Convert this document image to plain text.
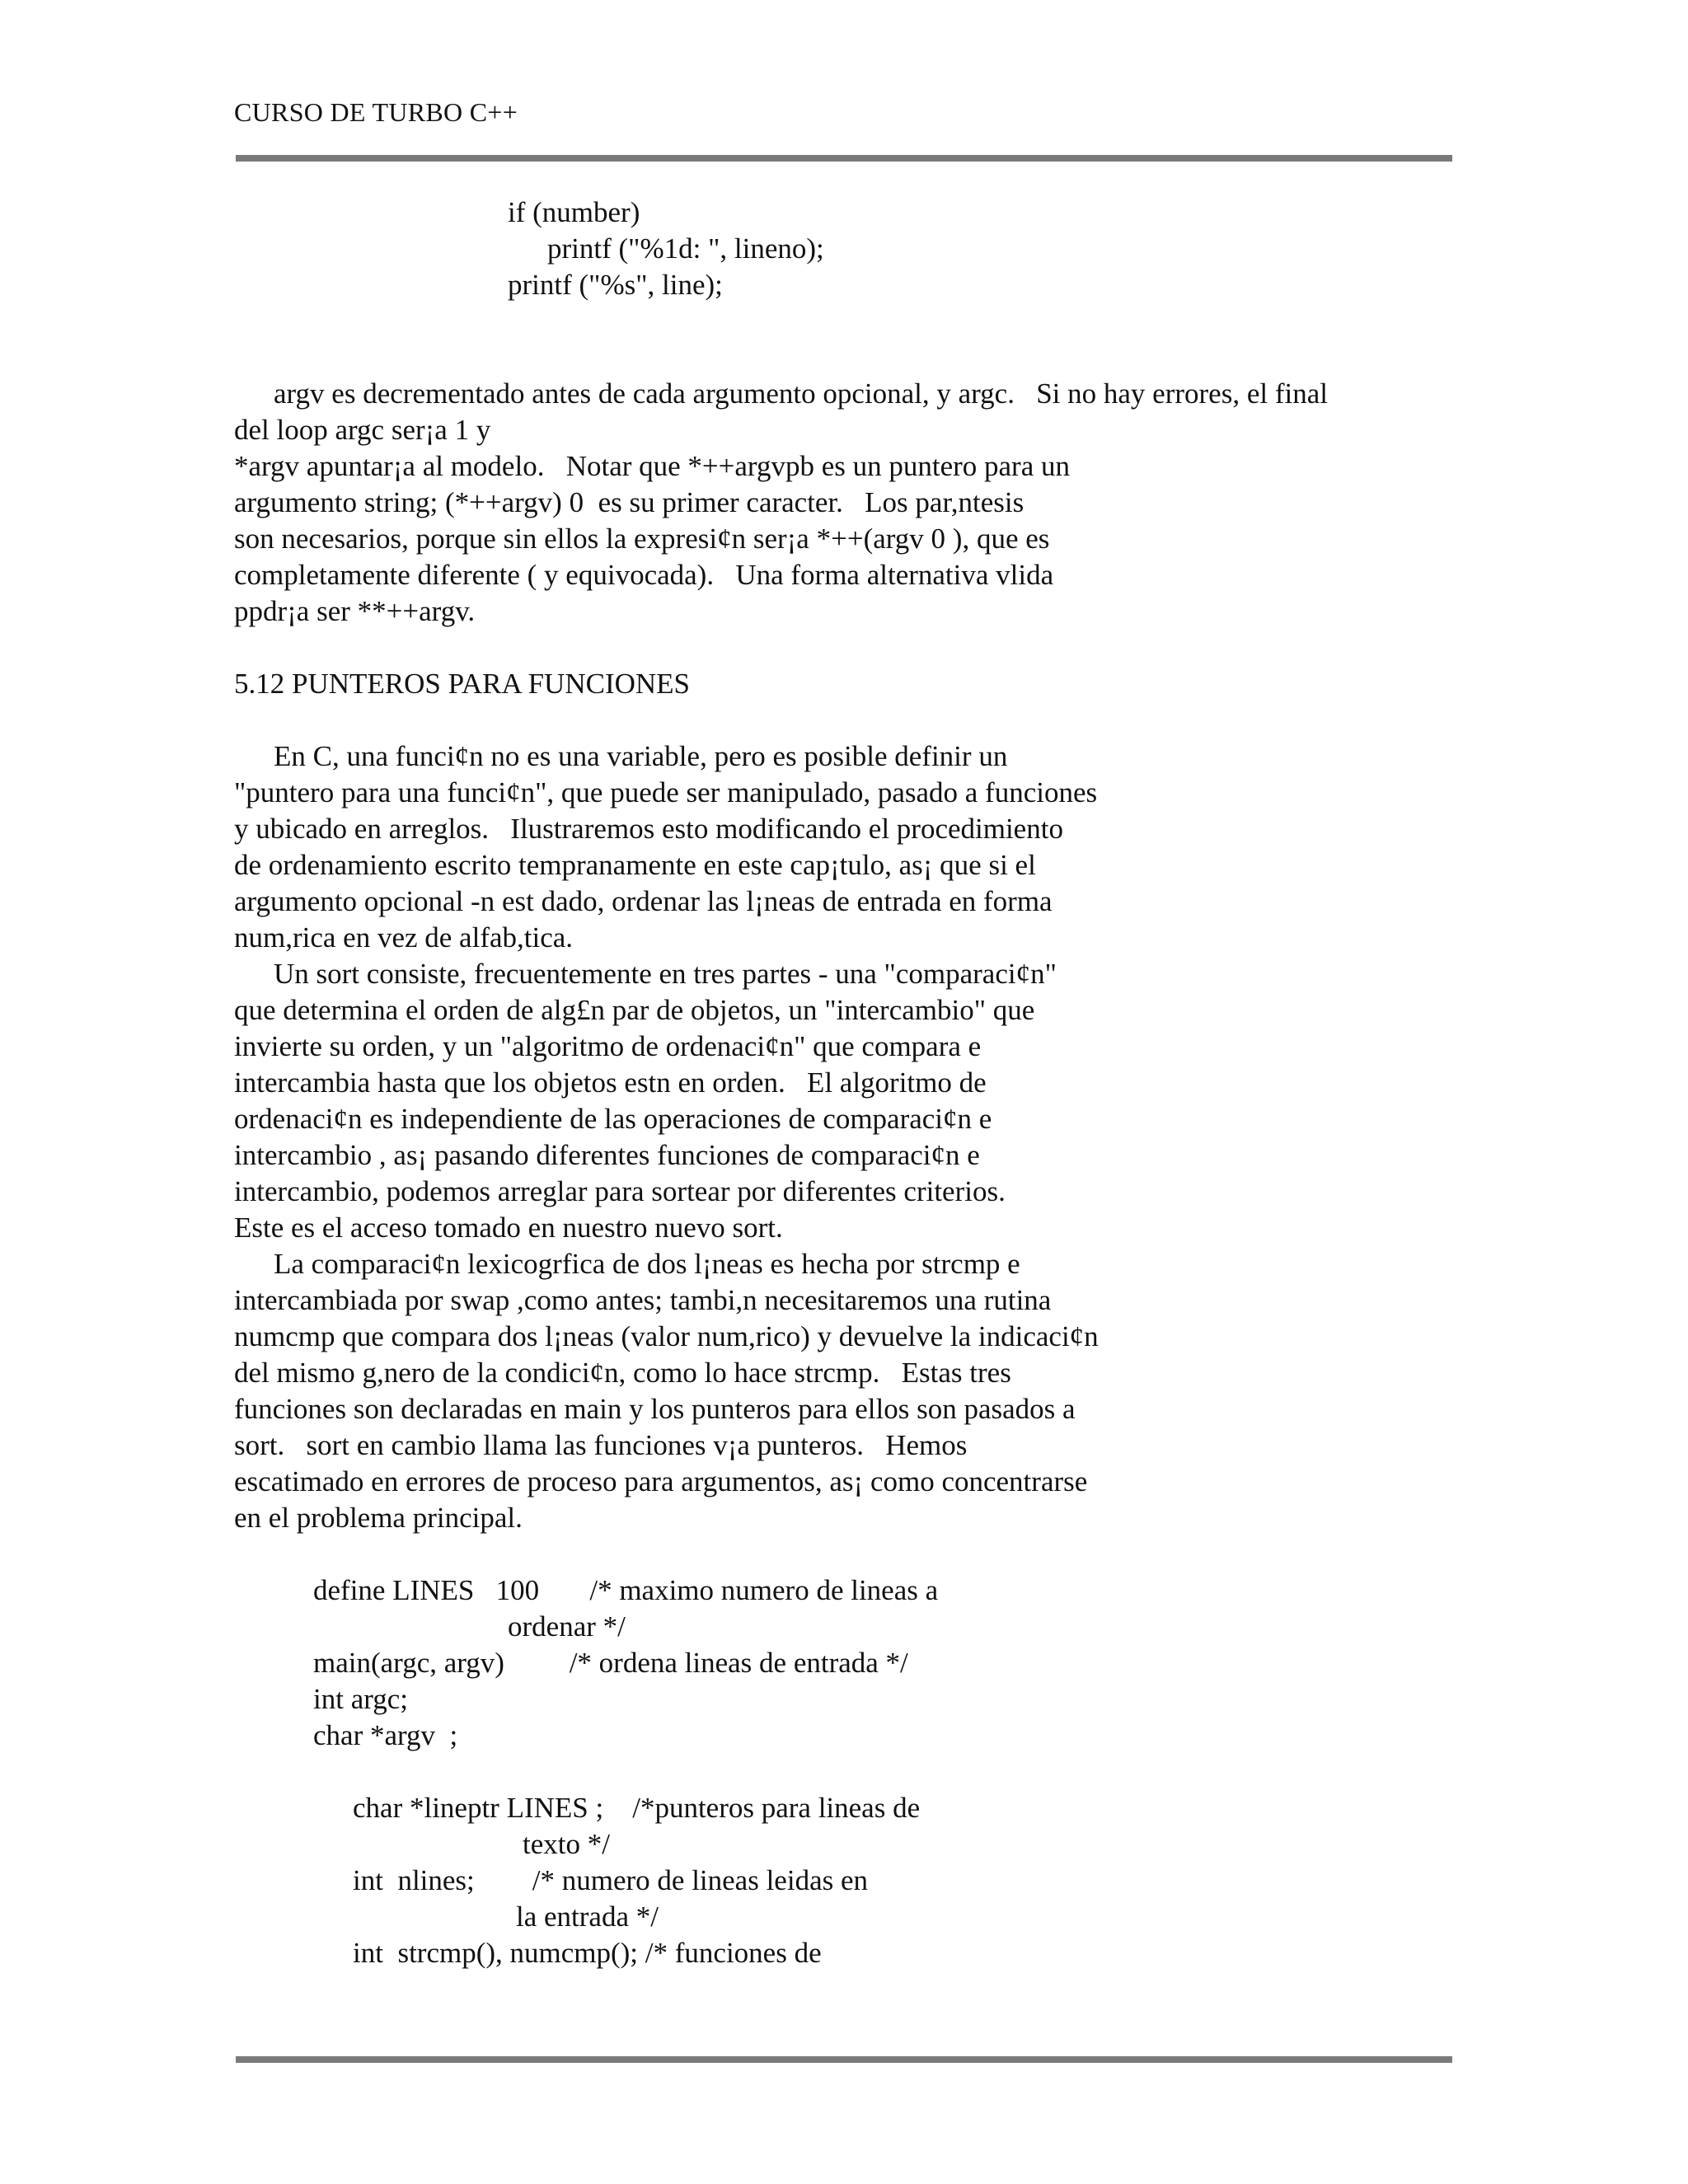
CURSO DE TURBO C++
if (number)
printf ("%1d: ", lineno);
printf ("%s", line);
argv es decrementado antes de cada argumento opcional, y argc.   Si no hay errores, el final
del loop argc ser¡a 1 y
*argv apuntar¡a al modelo.   Notar que *++argvpb es un puntero para un
argumento string; (*++argv) 0  es su primer caracter.   Los par,ntesis
son necesarios, porque sin ellos la expresi¢n ser¡a *++(argv 0 ), que es
completamente diferente ( y equivocada).   Una forma alternativa vlida
ppdr¡a ser **++argv.
5.12 PUNTEROS PARA FUNCIONES
En C, una funci¢n no es una variable, pero es posible definir un
"puntero para una funci¢n", que puede ser manipulado, pasado a funciones
y ubicado en arreglos.   Ilustraremos esto modificando el procedimiento
de ordenamiento escrito tempranamente en este cap¡tulo, as¡ que si el
argumento opcional -n est dado, ordenar las l¡neas de entrada en forma
num,rica en vez de alfab,tica.
Un sort consiste, frecuentemente en tres partes - una "comparaci¢n"
que determina el orden de alg£n par de objetos, un "intercambio" que
invierte su orden, y un "algoritmo de ordenaci¢n" que compara e
intercambia hasta que los objetos estn en orden.   El algoritmo de
ordenaci¢n es independiente de las operaciones de comparaci¢n e
intercambio , as¡ pasando diferentes funciones de comparaci¢n e
intercambio, podemos arreglar para sortear por diferentes criterios.
Este es el acceso tomado en nuestro nuevo sort.
La comparaci¢n lexicogrfica de dos l¡neas es hecha por strcmp e
intercambiada por swap ,como antes; tambi,n necesitaremos una rutina
numcmp que compara dos l¡neas (valor num,rico) y devuelve la indicaci¢n
del mismo g,nero de la condici¢n, como lo hace strcmp.   Estas tres
funciones son declaradas en main y los punteros para ellos son pasados a
sort.   sort en cambio llama las funciones v¡a punteros.   Hemos
escatimado en errores de proceso para argumentos, as¡ como concentrarse
en el problema principal.
define LINES   100       /* maximo numero de lineas a
ordenar */
main(argc, argv)         /* ordena lineas de entrada */
int argc;
char *argv  ;
char *lineptr LINES ;    /*punteros para lineas de
texto */
int  nlines;        /* numero de lineas leidas en
la entrada */
int  strcmp(), numcmp(); /* funciones de
